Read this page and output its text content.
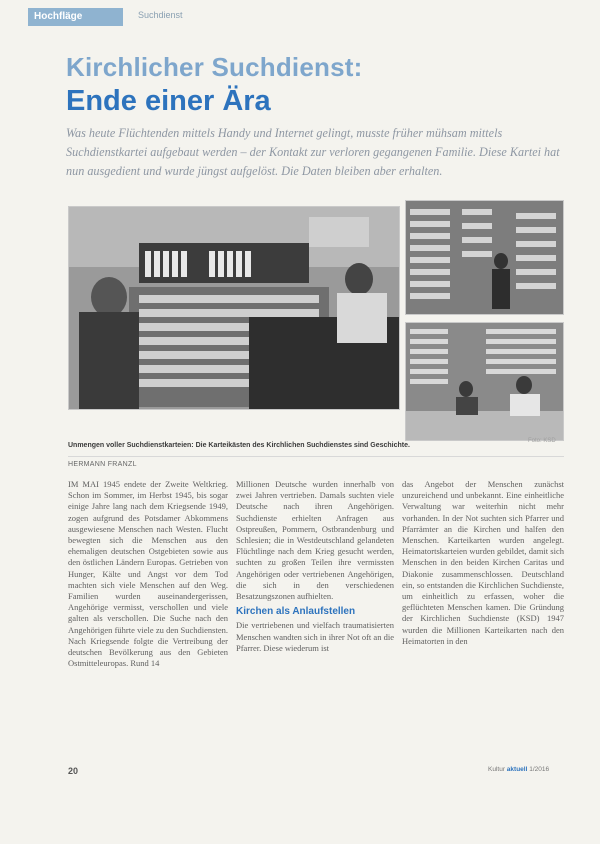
Hochfläge	Suchdienst
Kirchlicher Suchdienst:
Ende einer Ära
Was heute Flüchtenden mittels Handy und Internet gelingt, musste früher mühsam mittels Suchdienstkartei aufgebaut werden – der Kontakt zur verloren gegangenen Familie. Diese Kartei hat nun ausgedient und wurde jüngst aufgelöst. Die Daten bleiben aber erhalten.
Unmengen voller Suchdienstkarteien: Die Karteikästen des Kirchlichen Suchdienstes sind Geschichte.
Foto: KSD
HERMANN FRANZL

IM MAI 1945 endete der Zweite Weltkrieg. Schon im Sommer, im Herbst 1945, bis sogar einige Jahre lang nach dem Kriegsende 1949, zogen aufgrund des Potsdamer Abkommens ausgewiesene Menschen nach Westen. Flucht bewegten sich die Menschen aus den ehemaligen deutschen Ostgebieten sowie aus den östlichen Ländern Europas. Getrieben von Hunger, Kälte und Angst vor dem Tod machten sich viele Menschen auf den Weg. Familien wurden auseinandergerissen, Angehörige vermisst, verschollen und viele galten als verschollen. Die Suche nach den Angehörigen führte viele zu den Suchdiensten. Nach Kriegsende folgte die Vertreibung der deutschen Bevölkerung aus den Gebieten Ostmitteleuropas. Rund 14

Millionen Deutsche wurden innerhalb von zwei Jahren vertrieben. Damals suchten viele Deutsche nach ihren Angehörigen. Suchdienste erhielten Anfragen aus Ostpreußen, Pommern, Ostbrandenburg und Schlesien; die in Westdeutschland gelandeten Flüchtlinge nach dem Krieg gesucht werden, suchten zu großen Teilen ihre vermissten Angehörigen oder vertriebenen Angehörigen, die sich in den verschiedenen Besatzungszonen aufhielten.

Kirchen als Anlaufstellen

Die vertriebenen und vielfach traumatisierten Menschen wandten sich in ihrer Not oft an die Pfarrer. Diese wiederum ist

das Angebot der Menschen zunächst unzureichend und unbekannt. Eine einheitliche Verwaltung war weiterhin nicht mehr vorhanden. In der Not suchten sich Pfarrer und Pfarrämter an die Kirchen und halfen den Menschen. Karteikarten wurden angelegt. Heimatortskarteien wurden gebildet, damit sich Menschen in den beiden Kirchen Caritas und Diakonie zusammenschlossen. Deutschland ein, so entstanden die Kirchlichen Suchdienste, um einheitlich zu erfassen, woher die geflüchteten Menschen kamen. Die Gründung der Kirchlichen Suchdienste (KSD) 1947 wurden die Millionen Karteikarten nach den Heimatorten in den

20	Kultur aktuell 1/2016
